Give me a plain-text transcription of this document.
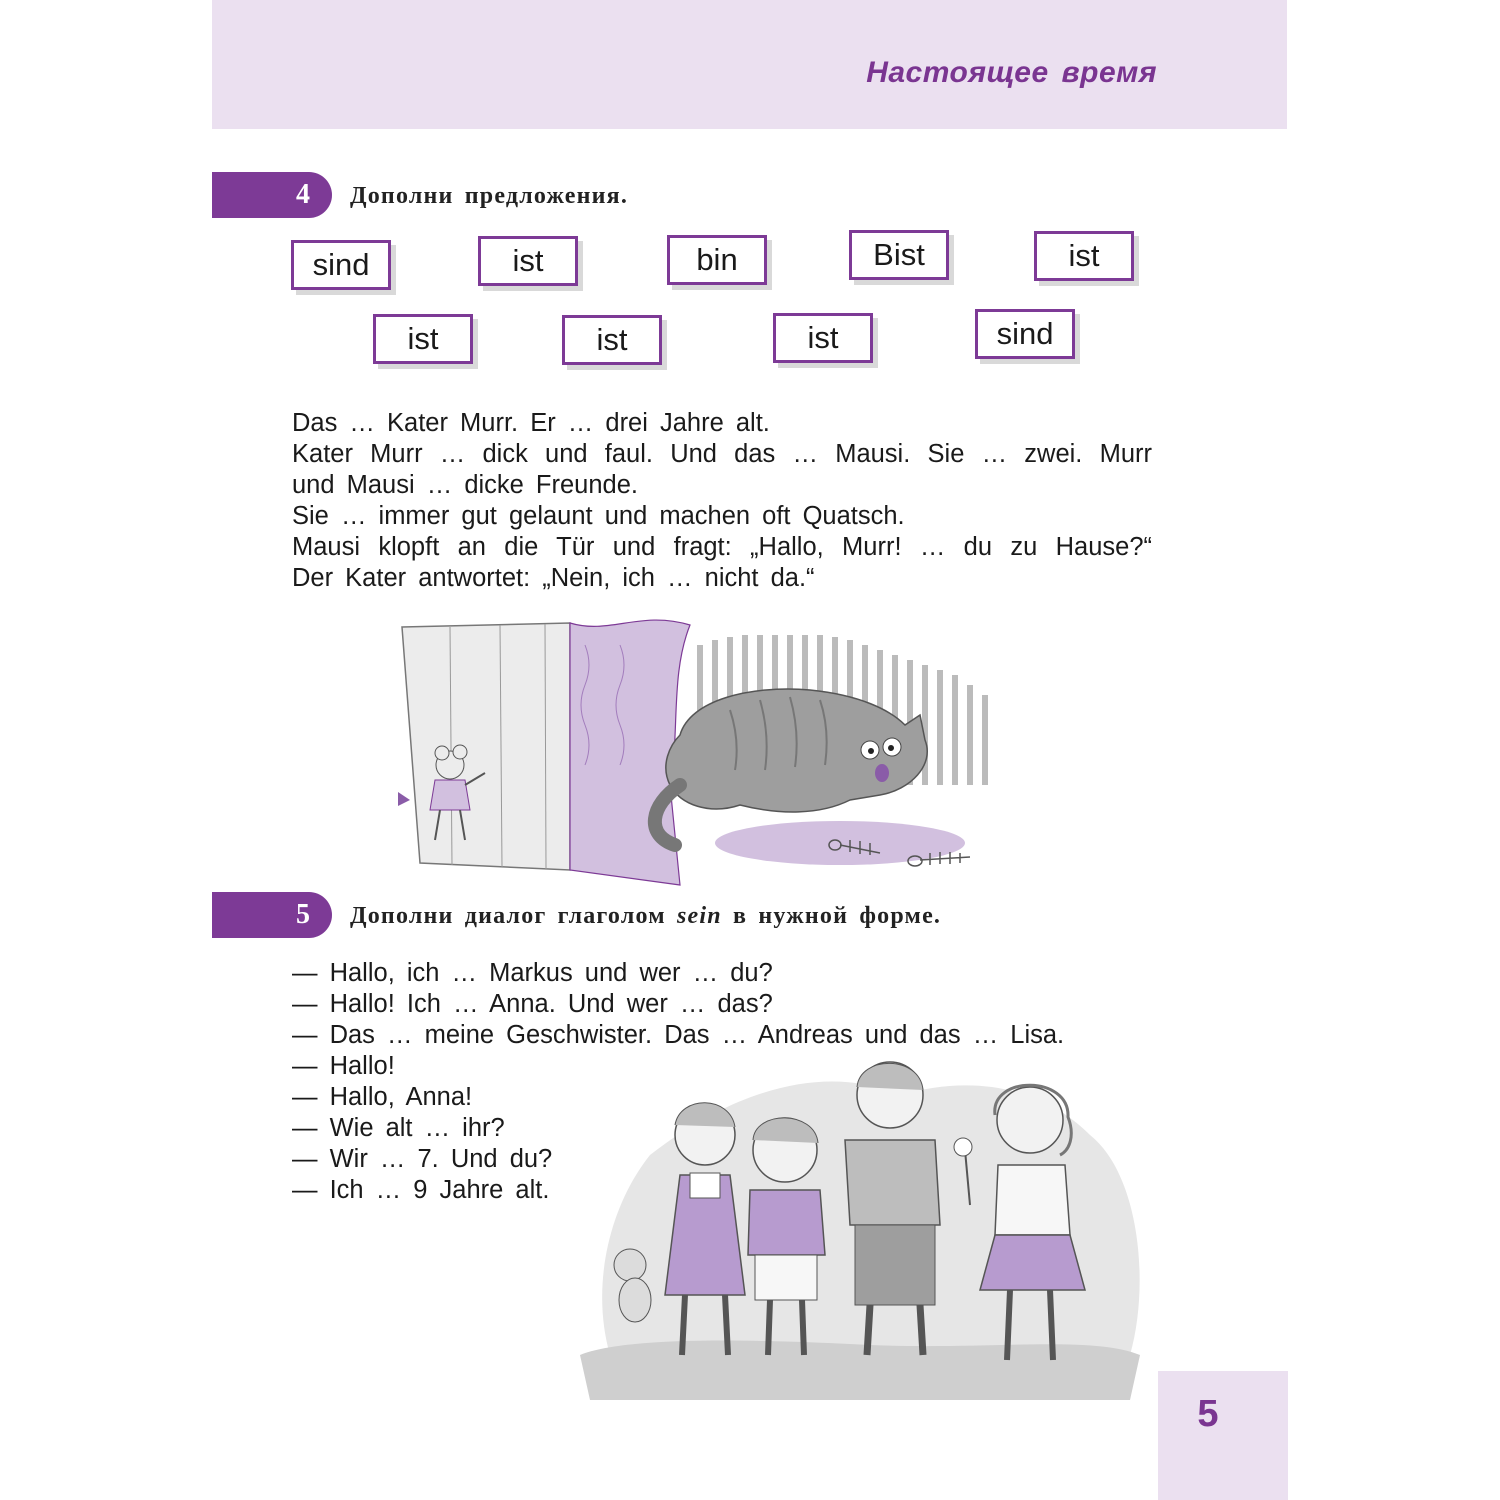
Настоящее время
4	Дополни предложения.
sind	ist	bin	Bist	ist
ist	ist	ist	sind
Das … Kater Murr. Er … drei Jahre alt.
Kater Murr … dick und faul. Und das … Mausi. Sie … zwei. Murr
und Mausi … dicke Freunde.
Sie … immer gut gelaunt und machen oft Quatsch.
Mausi klopft an die Tür und fragt: „Hallo, Murr! … du zu Hause?“
Der Kater antwortet: „Nein, ich … nicht da.“
5	Дополни диалог глаголом sein в нужной форме.
— Hallo, ich … Markus und wer … du?
— Hallo! Ich … Anna. Und wer … das?
— Das … meine Geschwister. Das … Andreas und das … Lisa.
— Hallo!
— Hallo, Anna!
— Wie alt … ihr?
— Wir … 7. Und du?
— Ich … 9 Jahre alt.
5
